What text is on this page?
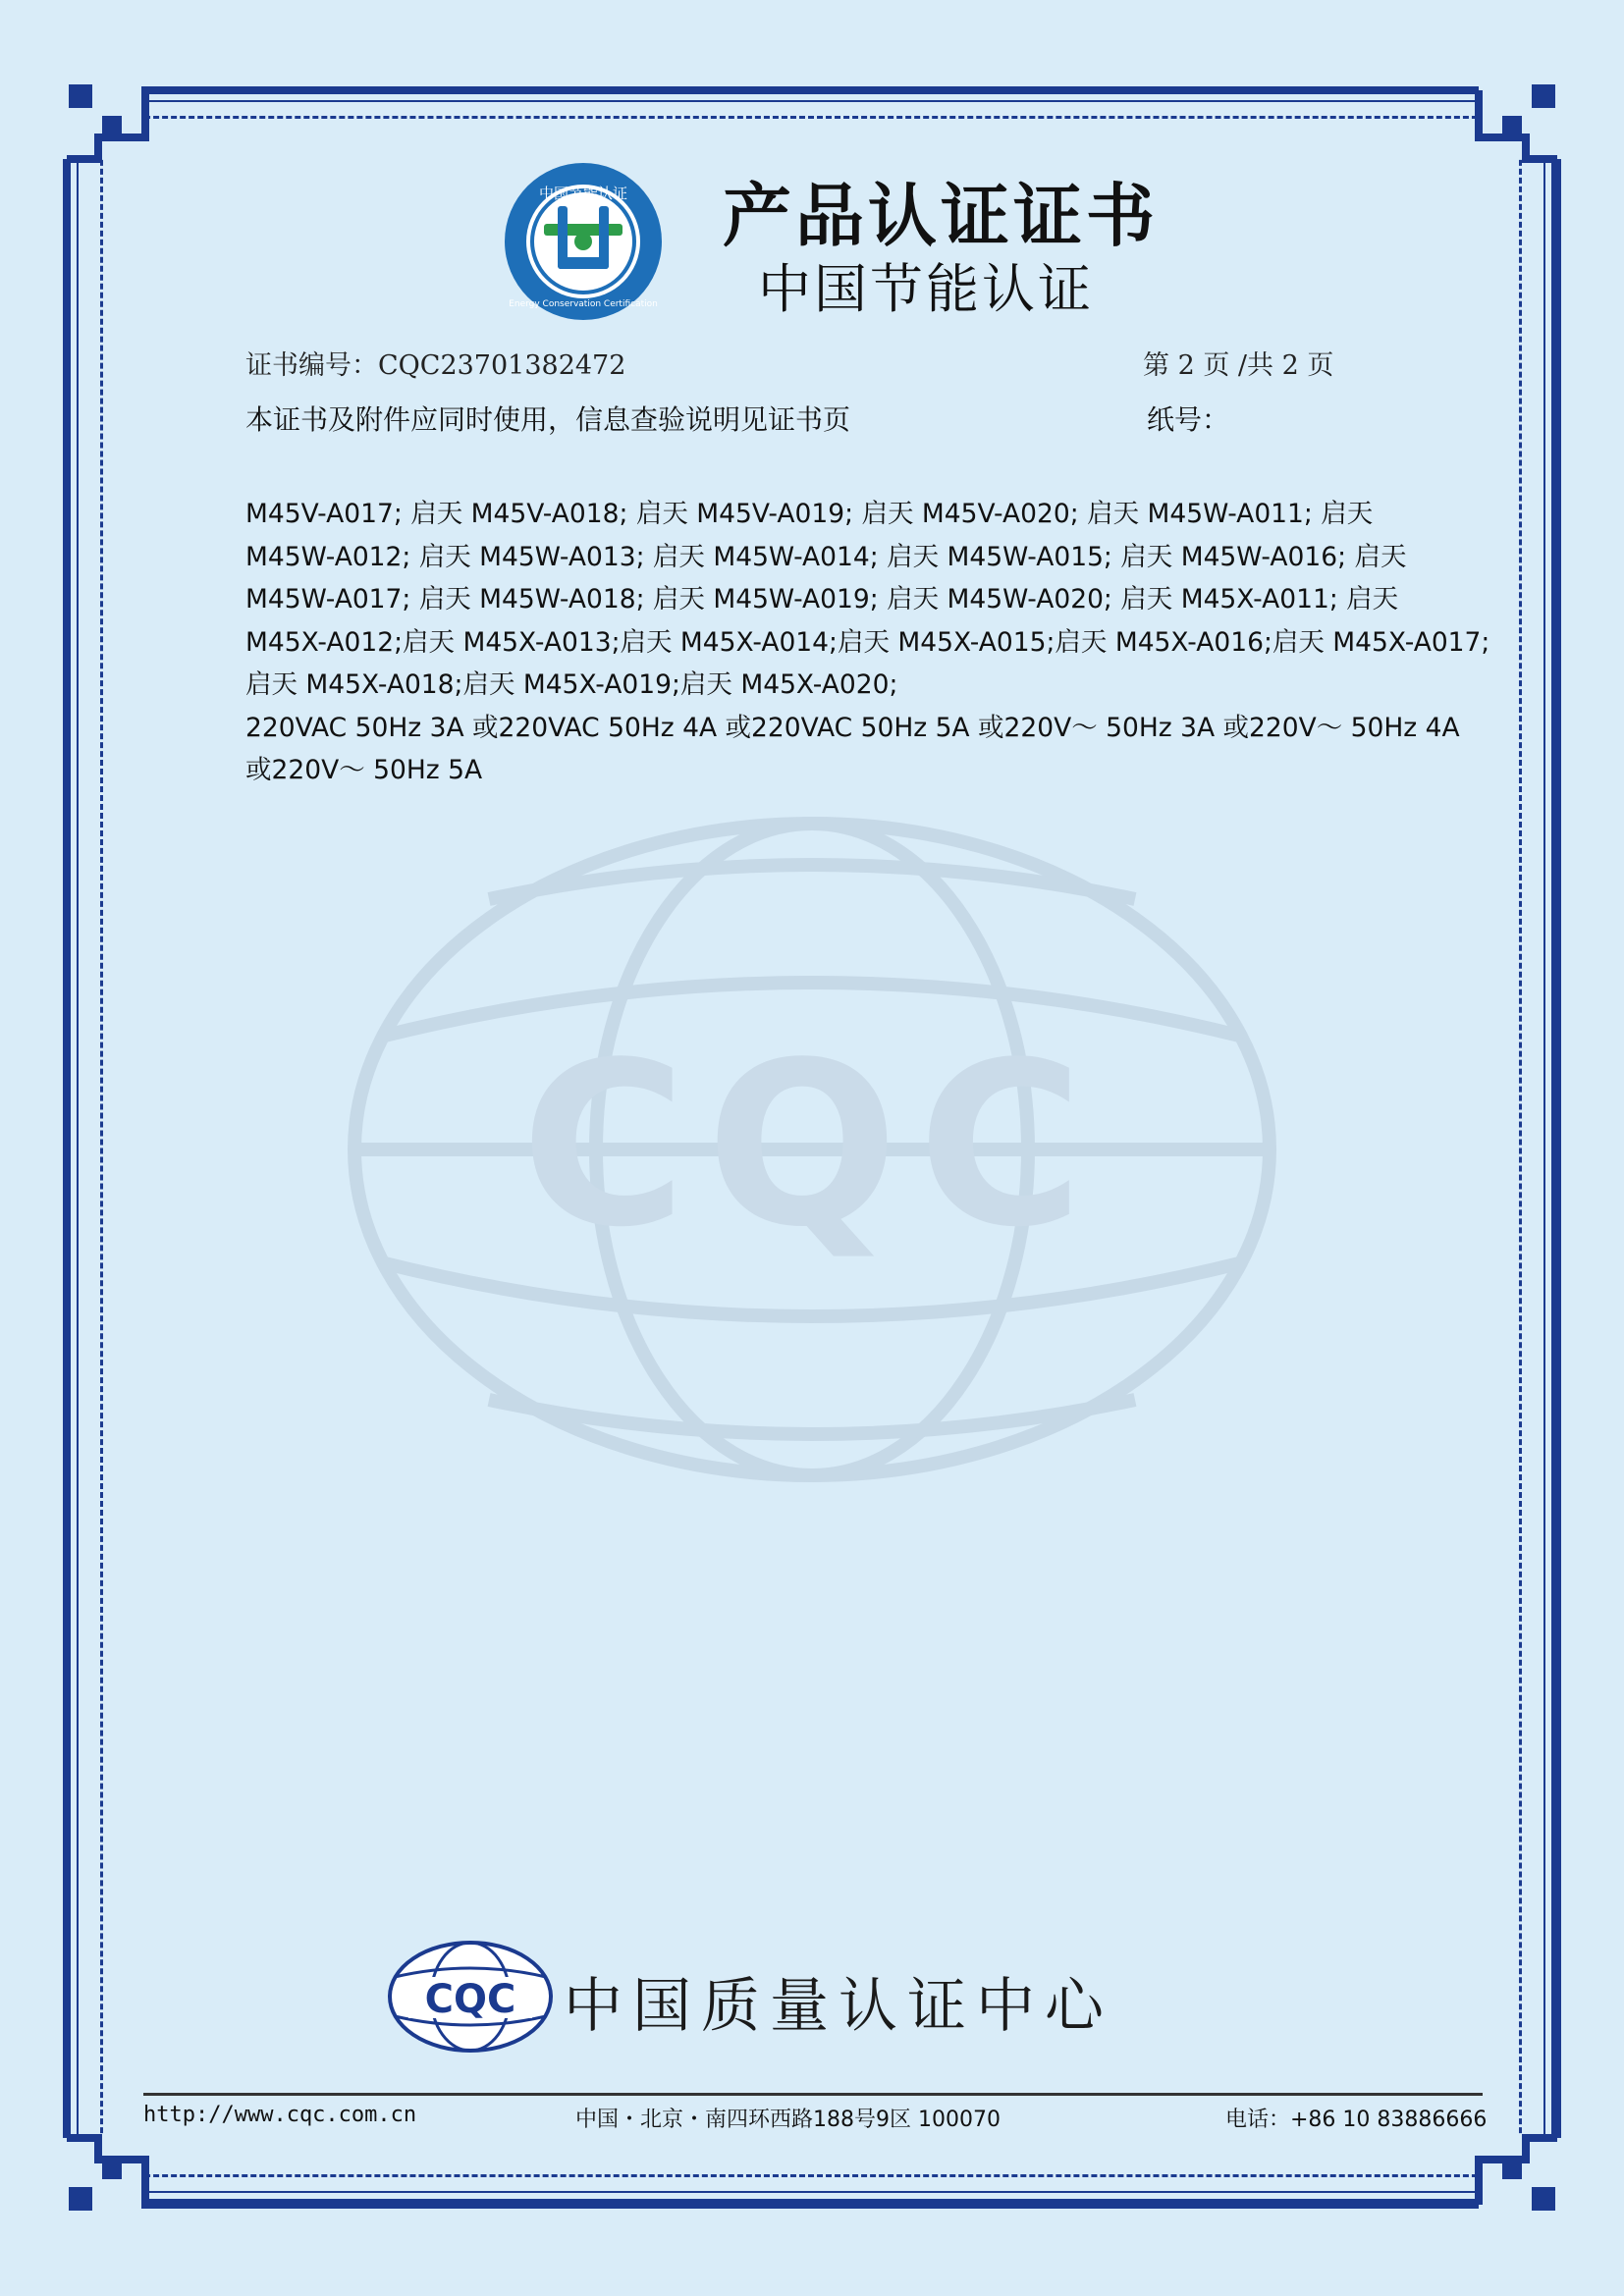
中国节能认证
Energy Conservation Certification
产品认证证书
中国节能认证
证书编号：CQC23701382472	第 2 页 /共 2 页
本证书及附件应同时使用，信息查验说明见证书页	纸号：

M45V-A017; 启天 M45V-A018; 启天 M45V-A019; 启天 M45V-A020; 启天 M45W-A011; 启天

M45W-A012; 启天 M45W-A013; 启天 M45W-A014; 启天 M45W-A015; 启天 M45W-A016; 启天

M45W-A017; 启天 M45W-A018; 启天 M45W-A019; 启天 M45W-A020; 启天 M45X-A011; 启天

M45X-A012;启天 M45X-A013;启天 M45X-A014;启天 M45X-A015;启天 M45X-A016;启天 M45X-A017;

启天 M45X-A018;启天 M45X-A019;启天 M45X-A020;

220VAC 50Hz 3A 或220VAC 50Hz 4A 或220VAC 50Hz 5A 或220V～ 50Hz 3A 或220V～ 50Hz 4A

或220V～ 50Hz 5A

CQC
CQC 中国质量认证中心
http://www.cqc.com.cn	中国・北京・南四环西路188号9区 100070	电话：+86 10 83886666
